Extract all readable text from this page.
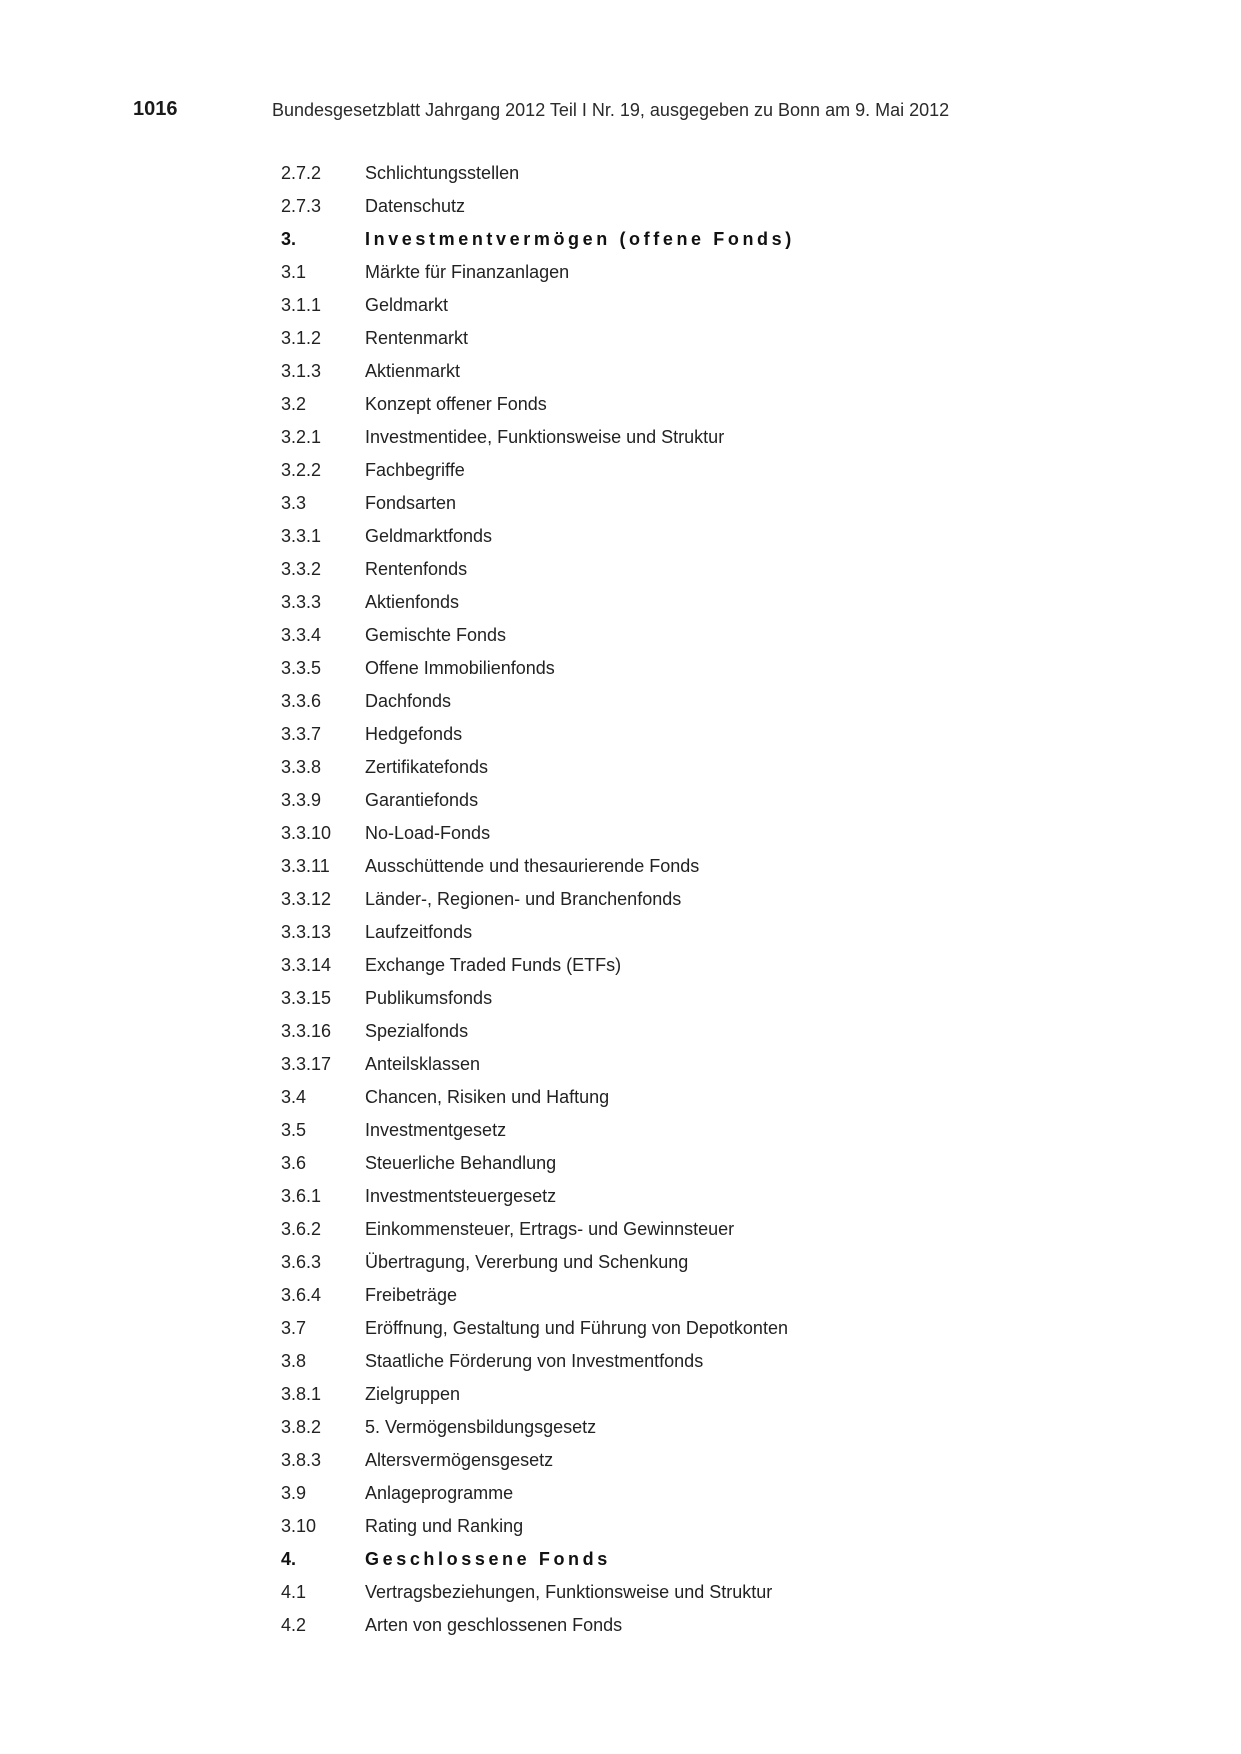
1016	Bundesgesetzblatt Jahrgang 2012 Teil I Nr. 19, ausgegeben zu Bonn am 9. Mai 2012
2.7.2	Schlichtungsstellen
2.7.3	Datenschutz
3.	Investmentvermögen (offene Fonds)
3.1	Märkte für Finanzanlagen
3.1.1	Geldmarkt
3.1.2	Rentenmarkt
3.1.3	Aktienmarkt
3.2	Konzept offener Fonds
3.2.1	Investmentidee, Funktionsweise und Struktur
3.2.2	Fachbegriffe
3.3	Fondsarten
3.3.1	Geldmarktfonds
3.3.2	Rentenfonds
3.3.3	Aktienfonds
3.3.4	Gemischte Fonds
3.3.5	Offene Immobilienfonds
3.3.6	Dachfonds
3.3.7	Hedgefonds
3.3.8	Zertifikatefonds
3.3.9	Garantiefonds
3.3.10	No-Load-Fonds
3.3.11	Ausschüttende und thesaurierende Fonds
3.3.12	Länder-, Regionen- und Branchenfonds
3.3.13	Laufzeitfonds
3.3.14	Exchange Traded Funds (ETFs)
3.3.15	Publikumsfonds
3.3.16	Spezialfonds
3.3.17	Anteilsklassen
3.4	Chancen, Risiken und Haftung
3.5	Investmentgesetz
3.6	Steuerliche Behandlung
3.6.1	Investmentsteuergesetz
3.6.2	Einkommensteuer, Ertrags- und Gewinnsteuer
3.6.3	Übertragung, Vererbung und Schenkung
3.6.4	Freibeträge
3.7	Eröffnung, Gestaltung und Führung von Depotkonten
3.8	Staatliche Förderung von Investmentfonds
3.8.1	Zielgruppen
3.8.2	5. Vermögensbildungsgesetz
3.8.3	Altersvermögensgesetz
3.9	Anlageprogramme
3.10	Rating und Ranking
4.	Geschlossene Fonds
4.1	Vertragsbeziehungen, Funktionsweise und Struktur
4.2	Arten von geschlossenen Fonds
